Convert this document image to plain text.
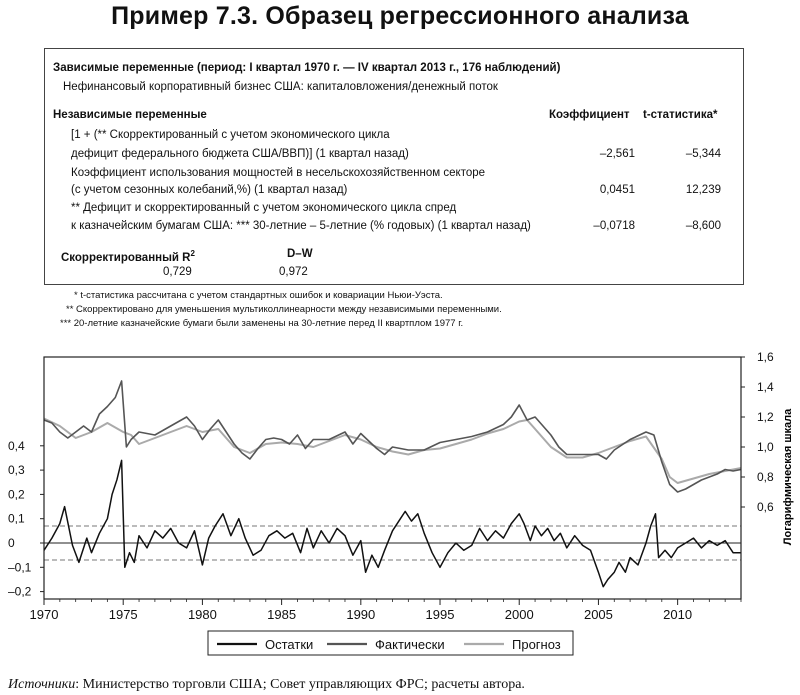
Пример 7.3. Образец регрессионного анализа
Зависимые переменные (период: I квартал 1970 г. — IV квартал 2013 г., 176 наблюдений)
Нефинансовый корпоративный бизнес США: капиталовложения/денежный поток
Независимые переменные	Коэффициент t-статистика*
[1 + (** Скорректированный с учетом экономического цикла
дефицит федерального бюджета США/ВВП)] (1 квартал назад)	–2,561	–5,344
Коэффициент использования мощностей в несельскохозяйственном секторе
(с учетом сезонных колебаний,%) (1 квартал назад)	0,0451	12,239
** Дефицит и скорректированный с учетом экономического цикла спред
к казначейским бумагам США: *** 30-летние – 5-летние (% годовых) (1 квартал назад)	–0,0718	–8,600
Скорректированный $R^2$	D–W
0,729	0,972
* t-статистика рассчитана с учетом стандартных ошибок и ковариации Ньюи-Уэста.
** Скорректировано для уменьшения мультиколлинеарности между независимыми переменными.
*** 20-летние казначейские бумаги были заменены на 30-летние перед II квартплом 1977 г.
1970	1975	1980	1985	1990	1995	2000	2005	2010
–0,2
–0,1
0
0,1
0,2
0,3
0,4
0,6
0,8
1,0
1,2
1,4
1,6
Остатки	Фактически	Прогноз
Логарифмическая шкала
Источники: Министерство торговли США; Совет управляющих ФРС; расчеты автора.
